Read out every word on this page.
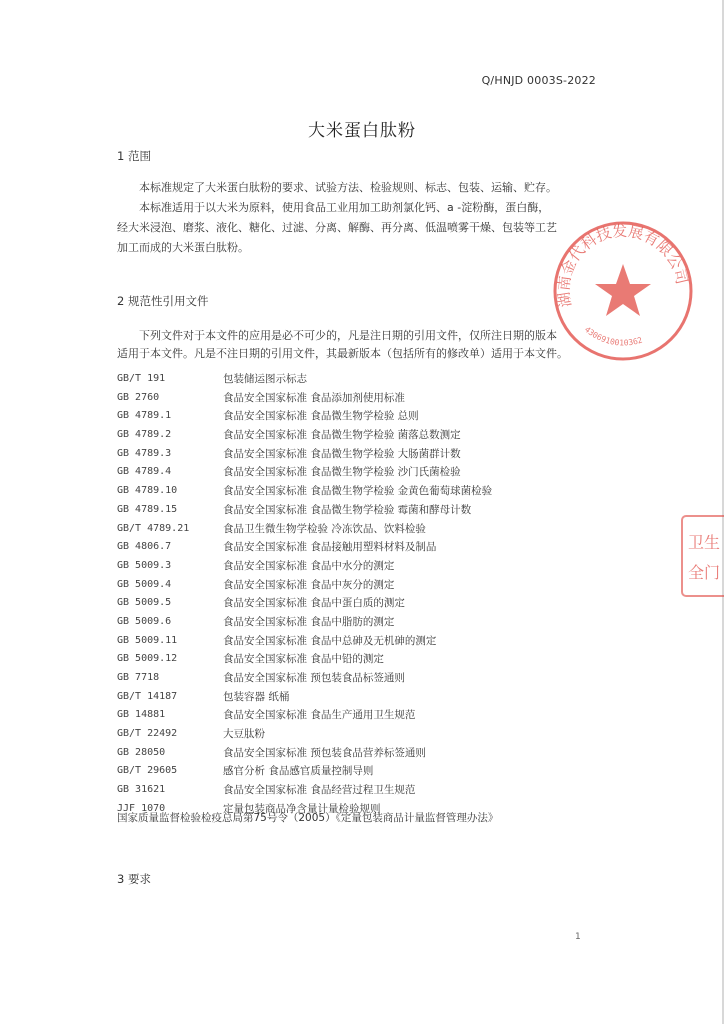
Q/HNJD 0003S-2022
大米蛋白肽粉
1 范围

本标准规定了大米蛋白肽粉的要求、试验方法、检验规则、标志、包装、运输、贮存。

本标准适用于以大米为原料，使用食品工业用加工助剂氯化钙、a -淀粉酶，蛋白酶，

经大米浸泡、磨浆、液化、糖化、过滤、分离、解酶、再分离、低温喷雾干燥、包装等工艺

加工而成的大米蛋白肽粉。

2 规范性引用文件

下列文件对于本文件的应用是必不可少的，凡是注日期的引用文件，仅所注日期的版本

适用于本文件。凡是不注日期的引用文件，其最新版本（包括所有的修改单）适用于本文件。

GB/T 191	包装储运图示标志
GB 2760	食品安全国家标准 食品添加剂使用标准
GB 4789.1	食品安全国家标准 食品微生物学检验 总则
GB 4789.2	食品安全国家标准 食品微生物学检验 菌落总数测定
GB 4789.3	食品安全国家标准 食品微生物学检验 大肠菌群计数
GB 4789.4	食品安全国家标准 食品微生物学检验 沙门氏菌检验
GB 4789.10	食品安全国家标准 食品微生物学检验 金黄色葡萄球菌检验
GB 4789.15	食品安全国家标准 食品微生物学检验 霉菌和酵母计数
GB/T 4789.21	食品卫生微生物学检验 冷冻饮品、饮料检验
GB 4806.7	食品安全国家标准 食品接触用塑料材料及制品
GB 5009.3	食品安全国家标准 食品中水分的测定
GB 5009.4	食品安全国家标准 食品中灰分的测定
GB 5009.5	食品安全国家标准 食品中蛋白质的测定
GB 5009.6	食品安全国家标准 食品中脂肪的测定
GB 5009.11	食品安全国家标准 食品中总砷及无机砷的测定
GB 5009.12	食品安全国家标准 食品中铅的测定
GB 7718	食品安全国家标准 预包装食品标签通则
GB/T 14187	包装容器 纸桶
GB 14881	食品安全国家标准 食品生产通用卫生规范
GB/T 22492	大豆肽粉
GB 28050	食品安全国家标准 预包装食品营养标签通则
GB/T 29605	感官分析 食品感官质量控制导则
GB 31621	食品安全国家标准 食品经营过程卫生规范
JJF 1070	定量包装商品净含量计量检验规则
国家质量监督检验检疫总局第75号令（2005）《定量包装商品计量监督管理办法》
3 要求
1
湖南金代科技发展有限公司
4306910010362
卫生
全门
